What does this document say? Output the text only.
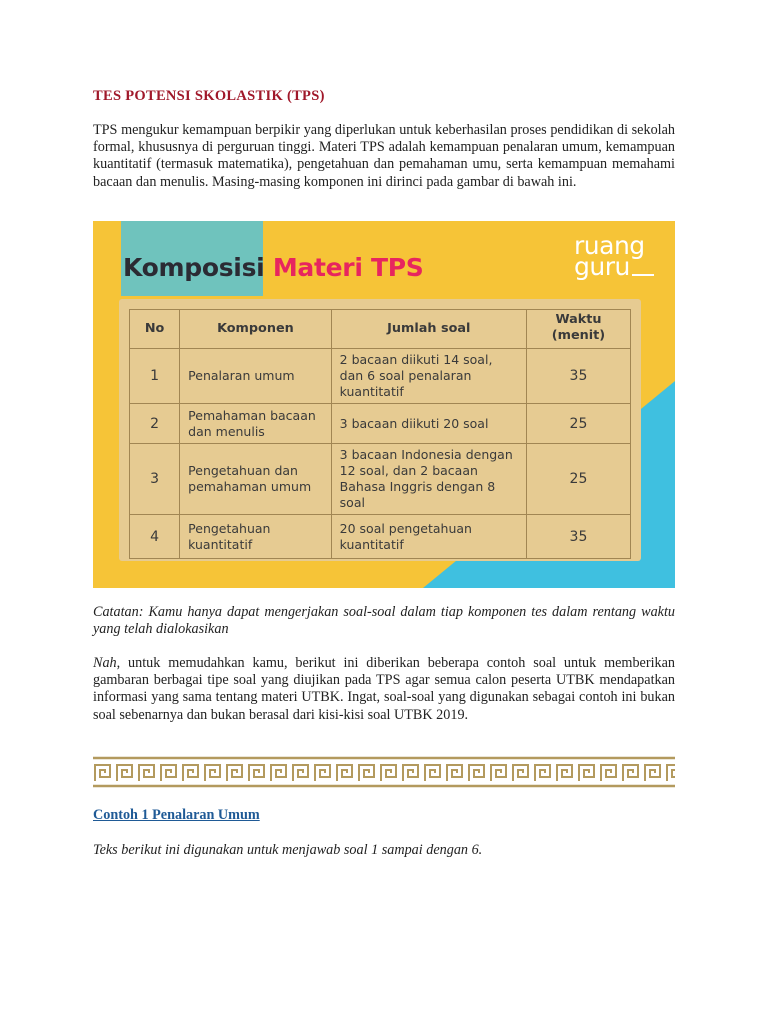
TES POTENSI SKOLASTIK (TPS)

TPS mengukur kemampuan berpikir yang diperlukan untuk keberhasilan proses pendidikan di sekolah formal, khususnya di perguruan tinggi. Materi TPS adalah kemampuan penalaran umum, kemampuan kuantitatif (termasuk matematika), pengetahuan dan pemahaman umu, serta kemampuan memahami bacaan dan menulis. Masing-masing komponen ini dirinci pada gambar di bawah ini.

Komposisi Materi TPS
ruang
guru
No	Komponen	Jumlah soal	Waktu
(menit)

1	Penalaran umum	2 bacaan diikuti 14 soal, dan 6 soal penalaran kuantitatif	35
2	Pemahaman bacaan dan menulis	3 bacaan diikuti 20 soal	25
3	Pengetahuan dan pemahaman umum	3 bacaan Indonesia dengan 12 soal, dan 2 bacaan Bahasa Inggris dengan 8 soal	25
4	Pengetahuan kuantitatif	20 soal pengetahuan kuantitatif	35

Catatan: Kamu hanya dapat mengerjakan soal-soal dalam tiap komponen tes dalam rentang waktu yang telah dialokasikan

Nah, untuk memudahkan kamu, berikut ini diberikan beberapa contoh soal untuk memberikan gambaran berbagai tipe soal yang diujikan pada TPS agar semua calon peserta UTBK mendapatkan informasi yang sama tentang materi UTBK. Ingat, soal-soal yang digunakan sebagai contoh ini bukan soal sebenarnya dan bukan berasal dari kisi-kisi soal UTBK 2019.

Contoh 1 Penalaran Umum

Teks berikut ini digunakan untuk menjawab soal 1 sampai dengan 6.
